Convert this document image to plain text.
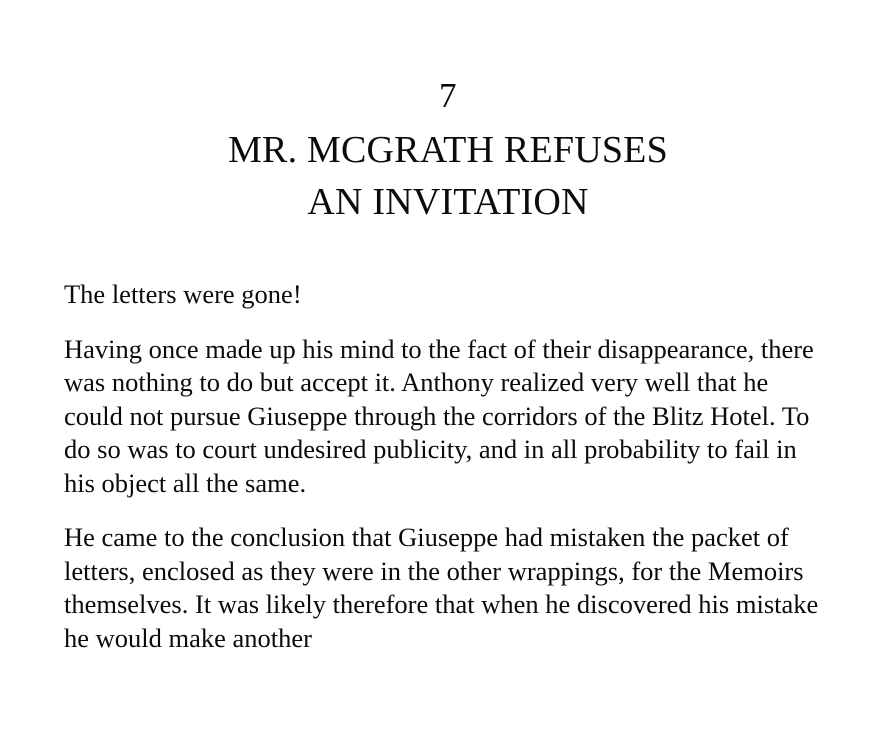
7
MR. MCGRATH REFUSES
AN INVITATION

The letters were gone!

Having once made up his mind to the fact of their disappearance, there was nothing to do but accept it. Anthony realized very well that he could not pursue Giuseppe through the corridors of the Blitz Hotel. To do so was to court undesired publicity, and in all probability to fail in his object all the same.

He came to the conclusion that Giuseppe had mistaken the packet of letters, enclosed as they were in the other wrappings, for the Memoirs themselves. It was likely therefore that when he discovered his mistake he would make another
